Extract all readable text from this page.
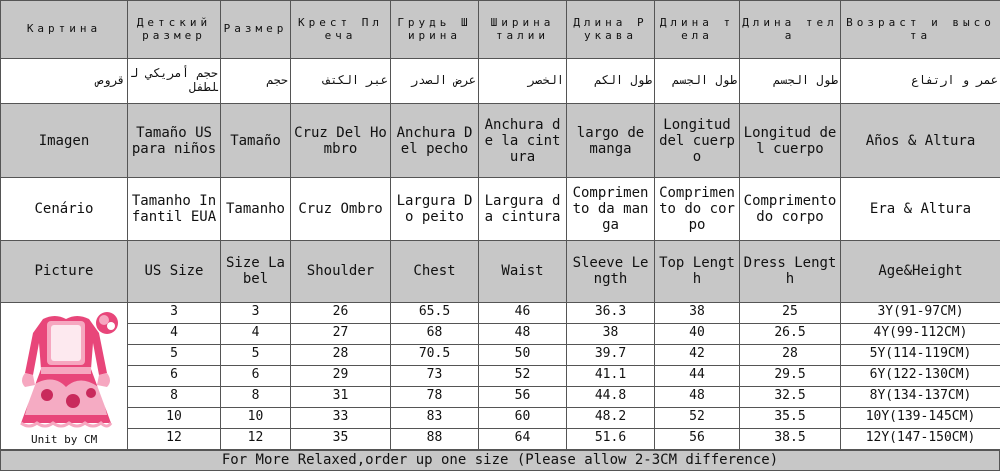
Картина	Детский размер	Размер	Крест Плеча	Грудь Ширина	Ширина талии	Длина Рукава	Длина тела	Длина тела	Возраст и высота
قروص	حجم أمريكي للطفل	حجم	عبر الكتف	عرض الصدر	الخصر	طول الكم	طول الجسم	طول الجسم	عمر و ارتفاع
Imagen	Tamaño US para niños	Tamaño	Cruz Del Hombro	Anchura Del pecho	Anchura de la cintura	largo de manga	Longitud del cuerpo	Longitud del cuerpo	Años & Altura
Cenário	Tamanho Infantil EUA	Tamanho	Cruz Ombro	Largura Do peito	Largura da cintura	Comprimento da manga	Comprimento do corpo	Comprimento do corpo	Era & Altura
Picture	US Size	Size Label	Shoulder	Chest	Waist	Sleeve Length	Top Length	Dress Length	Age&Height

Unit by CM	3	3	26	65.5	46	36.3	38	25	3Y(91-97CM)
	4	4	27	68	48	38	40	26.5	4Y(99-112CM)
	5	5	28	70.5	50	39.7	42	28	5Y(114-119CM)
	6	6	29	73	52	41.1	44	29.5	6Y(122-130CM)
	8	8	31	78	56	44.8	48	32.5	8Y(134-137CM)
	10	10	33	83	60	48.2	52	35.5	10Y(139-145CM)
	12	12	35	88	64	51.6	56	38.5	12Y(147-150CM)
For More Relaxed,order up one size (Please allow 2-3CM difference)
